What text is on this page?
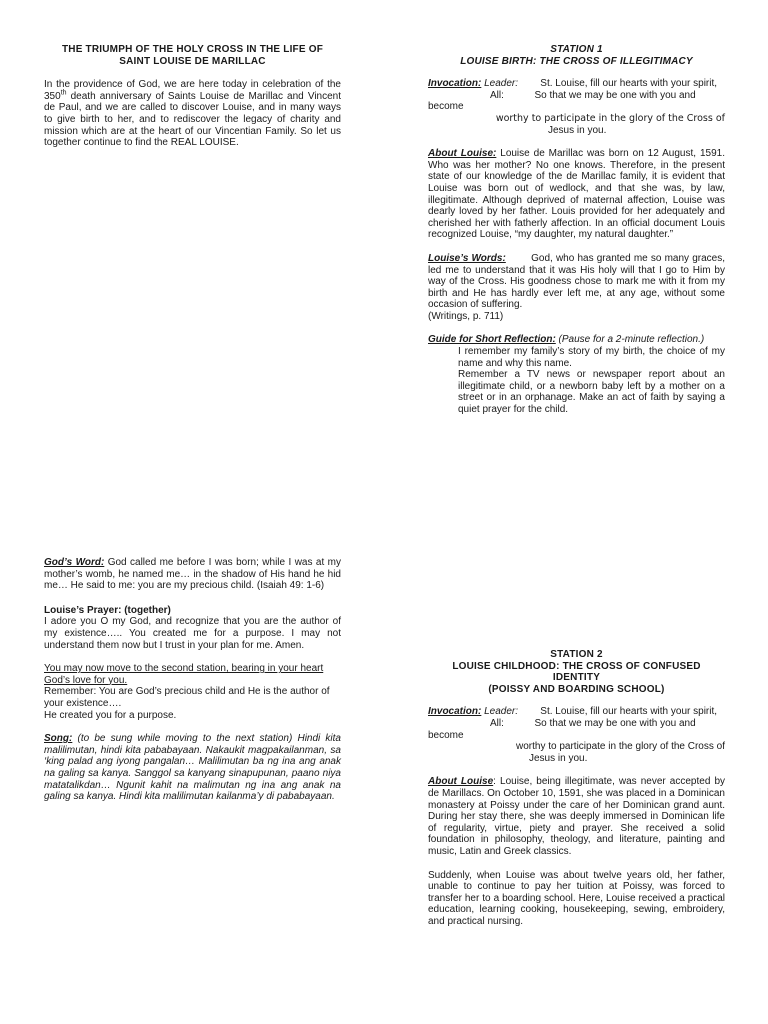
THE TRIUMPH OF THE HOLY CROSS IN THE LIFE OF
SAINT LOUISE DE MARILLAC

In the providence of God, we are here today in celebration of the 350th death anniversary of Saints Louise de Marillac and Vincent de Paul, and we are called to discover Louise, and in many ways to give birth to her, and to rediscover the legacy of charity and mission which are at the heart of our Vincentian Family. So let us together continue to find the REAL LOUISE.

God’s Word: God called me before I was born; while I was at my mother’s womb, he named me… in the shadow of His hand he hid me… He said to me: you are my precious child. (Isaiah 49: 1-6)

Louise’s Prayer: (together)

I adore you O my God, and recognize that you are the author of my existence….. You created me for a purpose. I may not understand them now but I trust in your plan for me. Amen.

You may now move to the second station, bearing in your heart God’s love for you.

Remember: You are God’s precious child and He is the author of your existence….

He created you for a purpose.

Song: (to be sung while moving to the next station) Hindi kita malilimutan, hindi kita pababayaan. Nakaukit magpakailanman, sa ‘king palad ang iyong pangalan… Malilimutan ba ng ina ang anak na galing sa kanya. Sanggol sa kanyang sinapupunan, paano niya matatalikdan… Ngunit kahit na malimutan ng ina ang anak na galing sa kanya. Hindi kita malilimutan kailanma’y di pababayaan.

STATION 1
LOUISE BIRTH: THE CROSS OF ILLEGITIMACY

Invocation: Leader: St. Louise, fill our hearts with your spirit,

All:	So that we may be one with you and become

worthy to participate in the glory of the Cross of

Jesus in you.

About Louise: Louise de Marillac was born on 12 August, 1591. Who was her mother? No one knows. Therefore, in the present state of our knowledge of the de Marillac family, it is evident that Louise was born out of wedlock, and that she was, by law, illegitimate. Although deprived of maternal affection, Louise was dearly loved by her father. Louis provided for her adequately and cherished her with fatherly affection. In an official document Louis recognized Louise, “my daughter, my natural daughter.”

Louise’s Words:        God, who has granted me so many graces, led me to understand that it was His holy will that I go to Him by way of the Cross. His goodness chose to mark me with it from my birth and He has hardly ever left me, at any age, without some occasion of suffering.

(Writings, p. 711)

Guide for Short Reflection: (Pause for a 2-minute reflection.)

I remember my family’s story of my birth, the choice of my name and why this name.

Remember a TV news or newspaper report about an illegitimate child, or a newborn baby left by a mother on a street or in an orphanage. Make an act of faith by saying a quiet prayer for the child.

STATION 2
LOUISE CHILDHOOD: THE CROSS OF CONFUSED IDENTITY
(POISSY AND BOARDING SCHOOL)

Invocation: Leader: St. Louise, fill our hearts with your spirit,

All:	So that we may be one with you and become

worthy to participate in the glory of the Cross of

Jesus in you.

About Louise: Louise, being illegitimate, was never accepted by de Marillacs. On October 10, 1591, she was placed in a Dominican monastery at Poissy under the care of her Dominican grand aunt. During her stay there, she was deeply immersed in Dominican life of regularity, virtue, piety and prayer. She received a solid foundation in philosophy, theology, and literature, painting and music, Latin and Greek classics.

Suddenly, when Louise was about twelve years old, her father, unable to continue to pay her tuition at Poissy, was forced to transfer her to a boarding school. Here, Louise received a practical education, learning cooking, housekeeping, sewing, embroidery, and practical nursing.
